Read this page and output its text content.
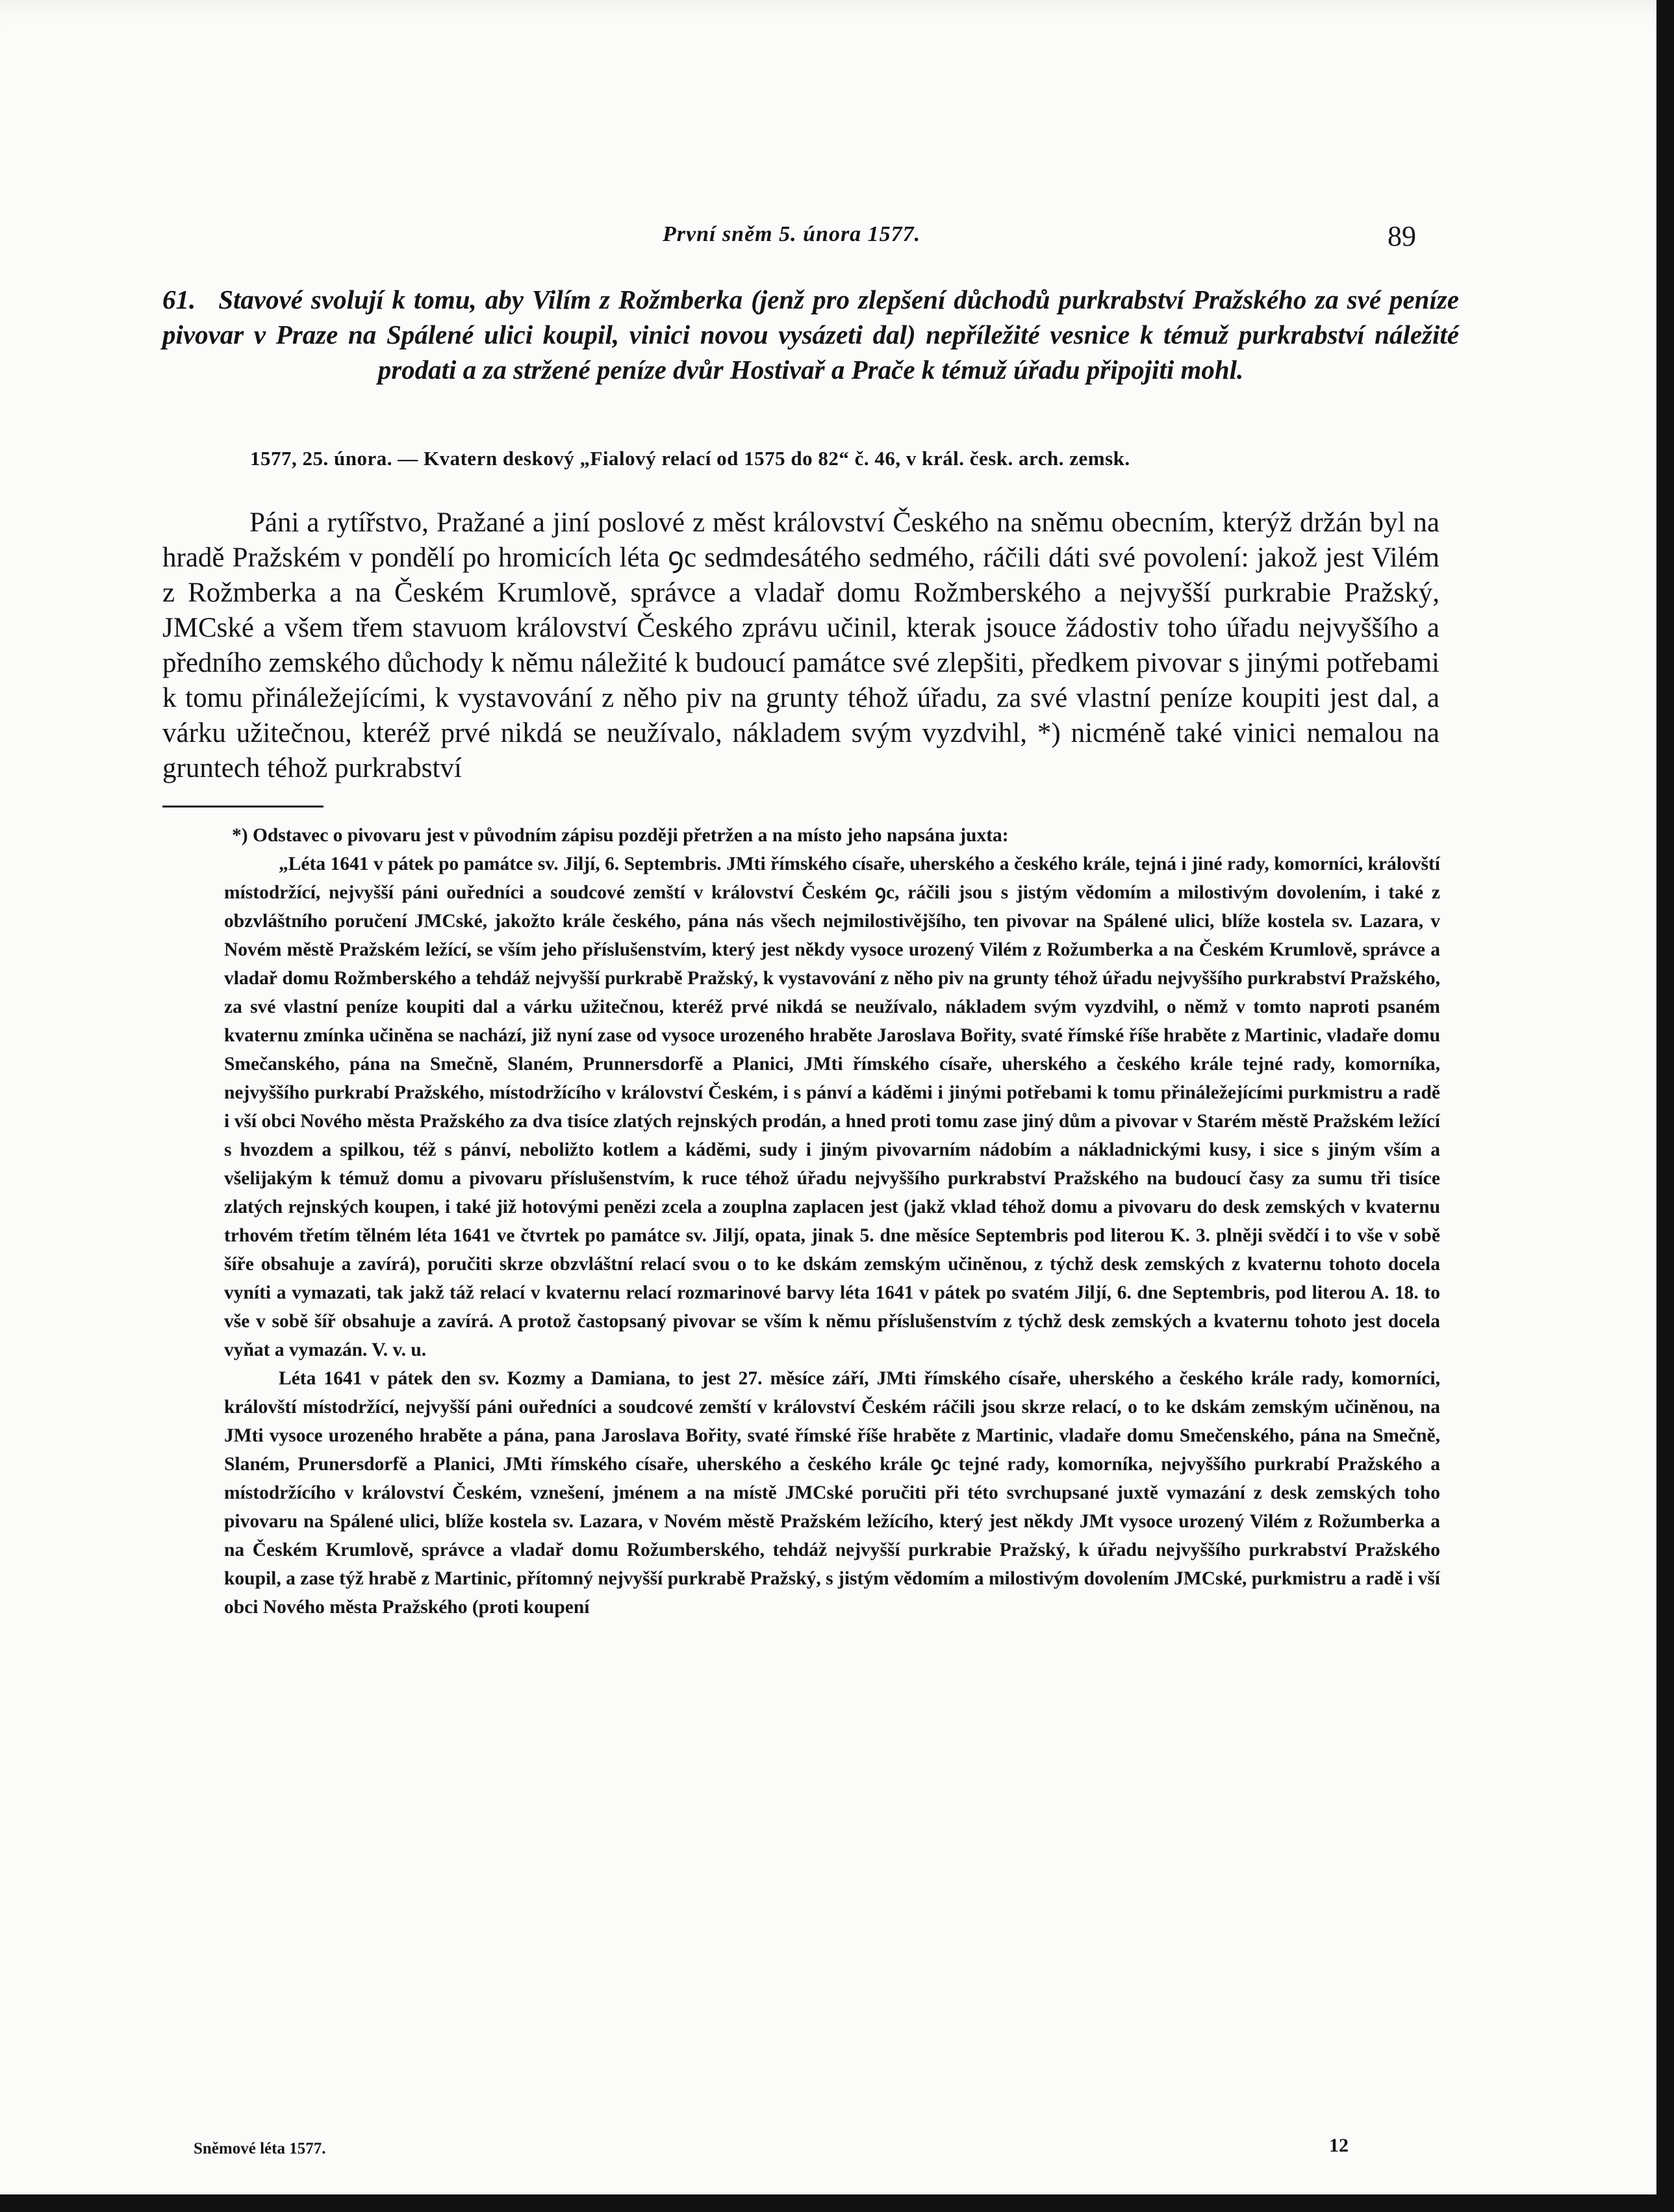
První sněm 5. února 1577.	89
61. Stavové svolují k tomu, aby Vilím z Rožmberka (jenž pro zlepšení důchodů purkrabství Pražského za své peníze pivovar v Praze na Spálené ulici koupil, vinici novou vysázeti dal) nepříležité vesnice k témuž purkrabství náležité prodati a za stržené peníze dvůr Hostivař a Prače k témuž úřadu připojiti mohl.
1577, 25. února. — Kvatern deskový „Fialový relací od 1575 do 82“ č. 46, v král. česk. arch. zemsk.
Páni a rytířstvo, Pražané a jiní poslové z měst království Českého na sněmu obecním, kterýž držán byl na hradě Pražském v pondělí po hromicích léta ꝯc sedmdesátého sedmého, ráčili dáti své povolení: jakož jest Vilém z Rožmberka a na Českém Krumlově, správce a vladař domu Rožmberského a nejvyšší purkrabie Pražský, JMCské a všem třem stavuom království Českého zprávu učinil, kterak jsouce žádostiv toho úřadu nejvyššího a předního zemského důchody k němu náležité k budoucí památce své zlepšiti, předkem pivovar s jinými potřebami k tomu přináležejícími, k vystavování z něho piv na grunty téhož úřadu, za své vlastní peníze koupiti jest dal, a várku užitečnou, kteréž prvé nikdá se neužívalo, nákladem svým vyzdvihl, *) nicméně také vinici nemalou na gruntech téhož purkrabství
*) Odstavec o pivovaru jest v původním zápisu později přetržen a na místo jeho napsána juxta:

„Léta 1641 v pátek po památce sv. Jiljí, 6. Septembris. JMti římského císaře, uherského a českého krále, tejná i jiné rady, komorníci, královští místodržící, nejvyšší páni ouředníci a soudcové zemští v království Českém ꝯc, ráčili jsou s jistým vědomím a milostivým dovolením, i také z obzvláštního poručení JMCské, jakožto krále českého, pána nás všech nejmilostivějšího, ten pivovar na Spálené ulici, blíže kostela sv. Lazara, v Novém městě Pražském ležící, se vším jeho příslušenstvím, který jest někdy vysoce urozený Vilém z Rožumberka a na Českém Krumlově, správce a vladař domu Rožmberského a tehdáž nejvyšší purkrabě Pražský, k vystavování z něho piv na grunty téhož úřadu nejvyššího purkrabství Pražského, za své vlastní peníze koupiti dal a várku užitečnou, kteréž prvé nikdá se neužívalo, nákladem svým vyzdvihl, o němž v tomto naproti psaném kvaternu zmínka učiněna se nachází, již nyní zase od vysoce urozeného hraběte Jaroslava Bořity, svaté římské říše hraběte z Martinic, vladaře domu Smečanského, pána na Smečně, Slaném, Prunnersdorfě a Planici, JMti římského císaře, uherského a českého krále tejné rady, komorníka, nejvyššího purkrabí Pražského, místodržícího v království Českém, i s pánví a káděmi i jinými potřebami k tomu přináležejícími purkmistru a radě i vší obci Nového města Pražského za dva tisíce zlatých rejnských prodán, a hned proti tomu zase jiný dům a pivovar v Starém městě Pražském ležící s hvozdem a spilkou, též s pánví, neboližto kotlem a káděmi, sudy i jiným pivovarním nádobím a nákladnickými kusy, i sice s jiným vším a všelijakým k témuž domu a pivovaru příslušenstvím, k ruce téhož úřadu nejvyššího purkrabství Pražského na budoucí časy za sumu tři tisíce zlatých rejnských koupen, i také již hotovými penězi zcela a zouplna zaplacen jest (jakž vklad téhož domu a pivovaru do desk zemských v kvaternu trhovém třetím tělném léta 1641 ve čtvrtek po památce sv. Jiljí, opata, jinak 5. dne měsíce Septembris pod literou K. 3. plněji svědčí i to vše v sobě šíře obsahuje a zavírá), poručiti skrze obzvláštní relací svou o to ke dskám zemským učiněnou, z týchž desk zemských z kvaternu tohoto docela vyníti a vymazati, tak jakž táž relací v kvaternu relací rozmarinové barvy léta 1641 v pátek po svatém Jiljí, 6. dne Septembris, pod literou A. 18. to vše v sobě šíř obsahuje a zavírá. A protož častopsaný pivovar se vším k němu příslušenstvím z týchž desk zemských a kvaternu tohoto jest docela vyňat a vymazán. V. v. u.

Léta 1641 v pátek den sv. Kozmy a Damiana, to jest 27. měsíce září, JMti římského císaře, uherského a českého krále rady, komorníci, královští místodržící, nejvyšší páni ouředníci a soudcové zemští v království Českém ráčili jsou skrze relací, o to ke dskám zemským učiněnou, na JMti vysoce urozeného hraběte a pána, pana Jaroslava Bořity, svaté římské říše hraběte z Martinic, vladaře domu Smečenského, pána na Smečně, Slaném, Prunersdorfě a Planici, JMti římského císaře, uherského a českého krále ꝯc tejné rady, komorníka, nejvyššího purkrabí Pražského a místodržícího v království Českém, vznešení, jménem a na místě JMCské poručiti při této svrchupsané juxtě vymazání z desk zemských toho pivovaru na Spálené ulici, blíže kostela sv. Lazara, v Novém městě Pražském ležícího, který jest někdy JMt vysoce urozený Vilém z Rožumberka a na Českém Krumlově, správce a vladař domu Rožumberského, tehdáž nejvyšší purkrabie Pražský, k úřadu nejvyššího purkrabství Pražského koupil, a zase týž hrabě z Martinic, přítomný nejvyšší purkrabě Pražský, s jistým vědomím a milostivým dovolením JMCské, purkmistru a radě i vší obci Nového města Pražského (proti koupení

Sněmové léta 1577.	12
